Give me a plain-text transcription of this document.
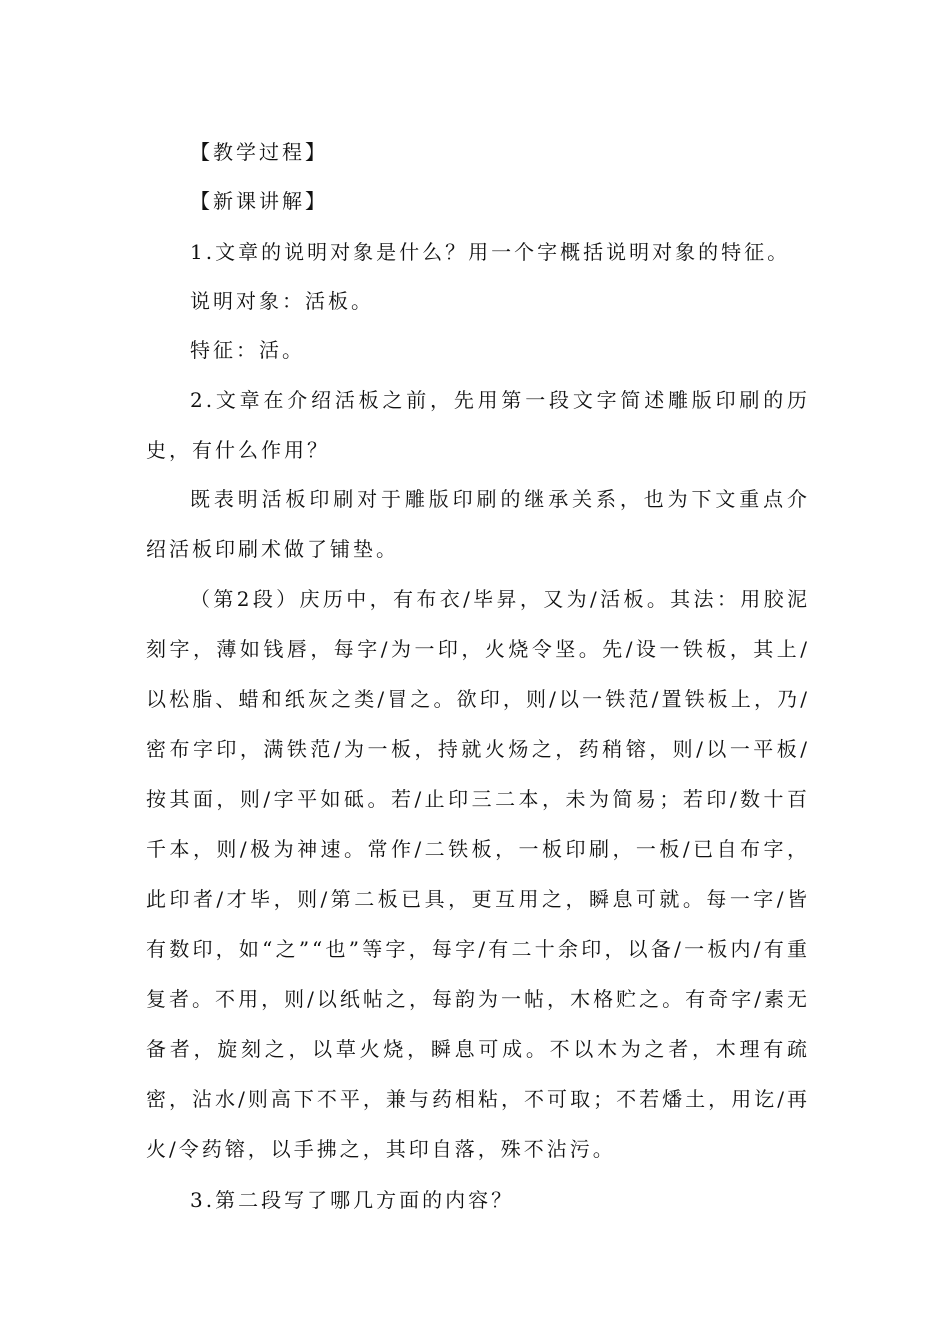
【教学过程】

【新课讲解】

1.文章的说明对象是什么？用一个字概括说明对象的特征。

说明对象：活板。

特征：活。

2.文章在介绍活板之前，先用第一段文字简述雕版印刷的历史，有什么作用？

既表明活板印刷对于雕版印刷的继承关系，也为下文重点介绍活板印刷术做了铺垫。

（第2段）庆历中，有布衣/毕昇，又为/活板。其法：用胶泥刻字，薄如钱唇，每字/为一印，火烧令坚。先/设一铁板，其上/以松脂、蜡和纸灰之类/冒之。欲印，则/以一铁范/置铁板上，乃/密布字印，满铁范/为一板，持就火炀之，药稍镕，则/以一平板/按其面，则/字平如砥。若/止印三二本，未为简易；若印/数十百千本，则/极为神速。常作/二铁板，一板印刷，一板/已自布字，此印者/才毕，则/第二板已具，更互用之，瞬息可就。每一字/皆有数印，如“之”“也”等字，每字/有二十余印，以备/一板内/有重复者。不用，则/以纸帖之，每韵为一帖，木格贮之。有奇字/素无备者，旋刻之，以草火烧，瞬息可成。不以木为之者，木理有疏密，沾水/则高下不平，兼与药相粘，不可取；不若燔土，用讫/再火/令药镕，以手拂之，其印自落，殊不沾污。

3.第二段写了哪几方面的内容？
